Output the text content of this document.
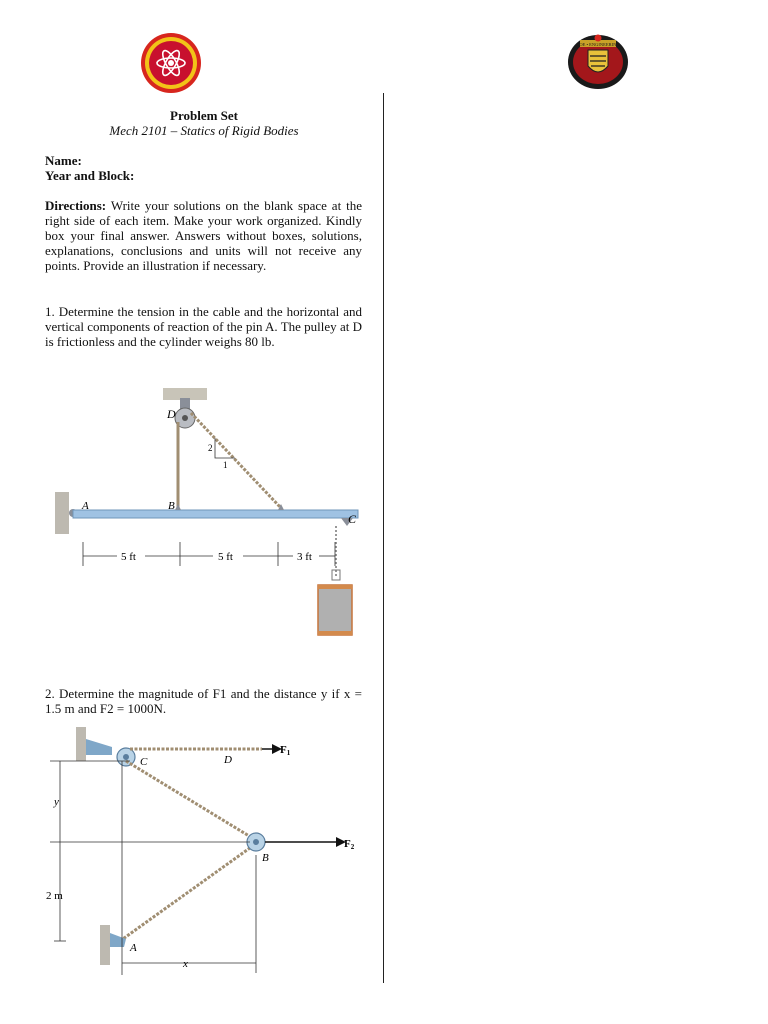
COE • ENGINEERING
Problem Set
Mech 2101 – Statics of Rigid Bodies
Name:
Year and Block:

Directions: Write your solutions on the blank space at the right side of each item. Make your work organized. Kindly box your final answer. Answers without boxes, solutions, explanations, conclusions and units will not receive any points. Provide an illustration if necessary.

1. Determine the tension in the cable and the horizontal and vertical components of reaction of the pin A. The pulley at D is frictionless and the cylinder weighs 80 lb.

2
1
D
A	B
C
5 ft	5 ft	3 ft

2. Determine the magnitude of F1 and the distance y if x = 1.5 m and F2 = 1000N.

F1
C	D
F2
B
A
y
2 m
x
